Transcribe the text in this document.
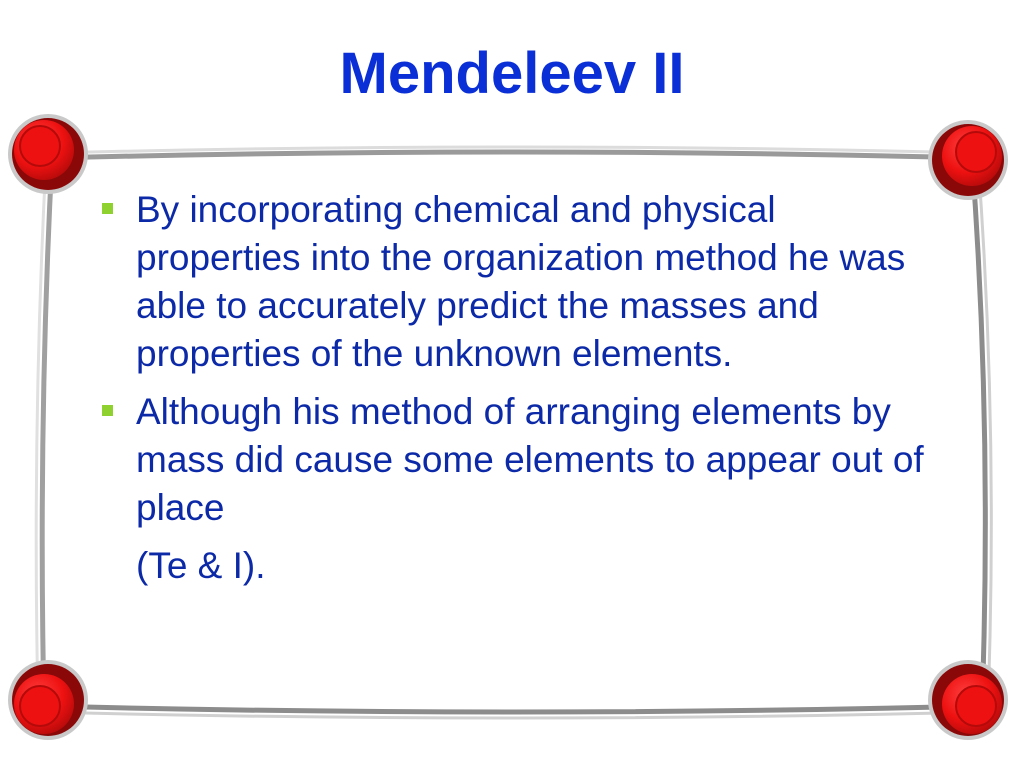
Mendeleev II
By incorporating chemical and physical properties into the organization method he was able to accurately predict the masses and properties of the unknown elements.
Although his method of arranging elements by mass did cause some elements to appear out of place
(Te & I).
